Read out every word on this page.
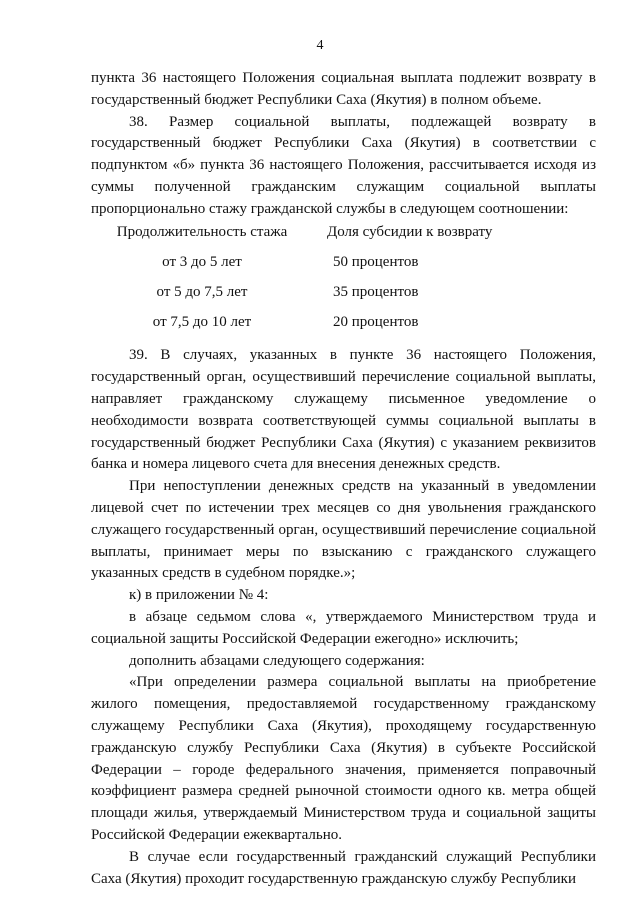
4

пункта 36 настоящего Положения социальная выплата подлежит возврату в государственный бюджет Республики Саха (Якутия) в полном объеме.

38. Размер социальной выплаты, подлежащей возврату в государственный бюджет Республики Саха (Якутия) в соответствии с подпунктом «б» пункта 36 настоящего Положения, рассчитывается исходя из суммы полученной гражданским служащим социальной выплаты пропорционально стажу гражданской службы в следующем соотношении:

Продолжительность стажа	Доля субсидии к возврату
от 3 до 5 лет	50 процентов
от 5 до 7,5 лет	35 процентов
от 7,5 до 10 лет	20 процентов

39. В случаях, указанных в пункте 36 настоящего Положения, государственный орган, осуществивший перечисление социальной выплаты, направляет гражданскому служащему письменное уведомление о необходимости возврата соответствующей суммы социальной выплаты в государственный бюджет Республики Саха (Якутия) с указанием реквизитов банка и номера лицевого счета для внесения денежных средств.

При непоступлении денежных средств на указанный в уведомлении лицевой счет по истечении трех месяцев со дня увольнения гражданского служащего государственный орган, осуществивший перечисление социальной выплаты, принимает меры по взысканию с гражданского служащего указанных средств в судебном порядке.»;

к) в приложении № 4:

в абзаце седьмом слова «, утверждаемого Министерством труда и социальной защиты Российской Федерации ежегодно» исключить;

дополнить абзацами следующего содержания:

«При определении размера социальной выплаты на приобретение жилого помещения, предоставляемой государственному гражданскому служащему Республики Саха (Якутия), проходящему государственную гражданскую службу Республики Саха (Якутия) в субъекте Российской Федерации – городе федерального значения, применяется поправочный коэффициент размера средней рыночной стоимости одного кв. метра общей площади жилья, утверждаемый Министерством труда и социальной защиты Российской Федерации ежеквартально.

В случае если государственный гражданский служащий Республики Саха (Якутия) проходит государственную гражданскую службу Республики
